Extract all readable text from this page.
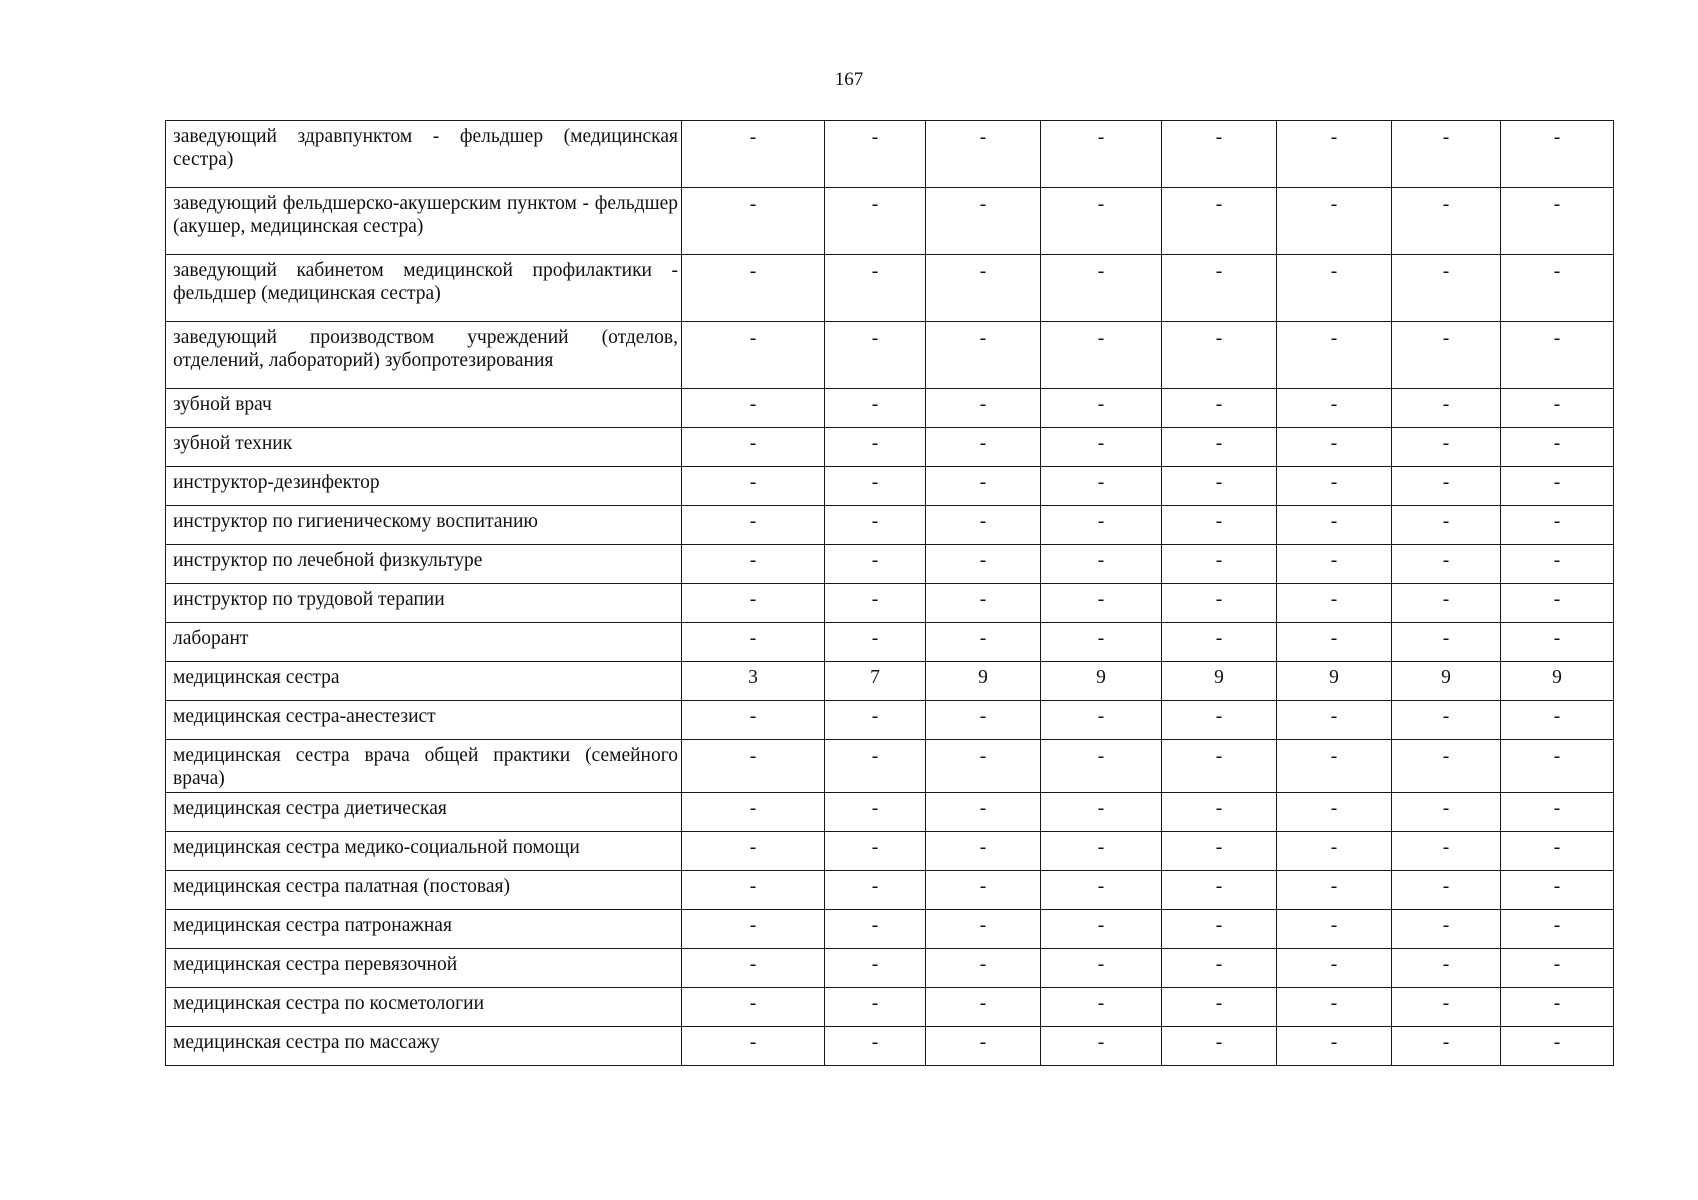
167
заведующий здравпунктом - фельдшер (медицинская сестра)	-	-	-	-	-	-	-	-
заведующий фельдшерско-акушерским пунктом - фельдшер (акушер, медицинская сестра)	-	-	-	-	-	-	-	-
заведующий кабинетом медицинской профилактики - фельдшер (медицинская сестра)	-	-	-	-	-	-	-	-
заведующий производством учреждений (отделов, отделений, лабораторий) зубопротезирования	-	-	-	-	-	-	-	-
зубной врач	-	-	-	-	-	-	-	-
зубной техник	-	-	-	-	-	-	-	-
инструктор-дезинфектор	-	-	-	-	-	-	-	-
инструктор по гигиеническому воспитанию	-	-	-	-	-	-	-	-
инструктор по лечебной физкультуре	-	-	-	-	-	-	-	-
инструктор по трудовой терапии	-	-	-	-	-	-	-	-
лаборант	-	-	-	-	-	-	-	-
медицинская сестра	3	7	9	9	9	9	9	9
медицинская сестра-анестезист	-	-	-	-	-	-	-	-
медицинская сестра врача общей практики (семейного врача)	-	-	-	-	-	-	-	-
медицинская сестра диетическая	-	-	-	-	-	-	-	-
медицинская сестра медико-социальной помощи	-	-	-	-	-	-	-	-
медицинская сестра палатная (постовая)	-	-	-	-	-	-	-	-
медицинская сестра патронажная	-	-	-	-	-	-	-	-
медицинская сестра перевязочной	-	-	-	-	-	-	-	-
медицинская сестра по косметологии	-	-	-	-	-	-	-	-
медицинская сестра по массажу	-	-	-	-	-	-	-	-
